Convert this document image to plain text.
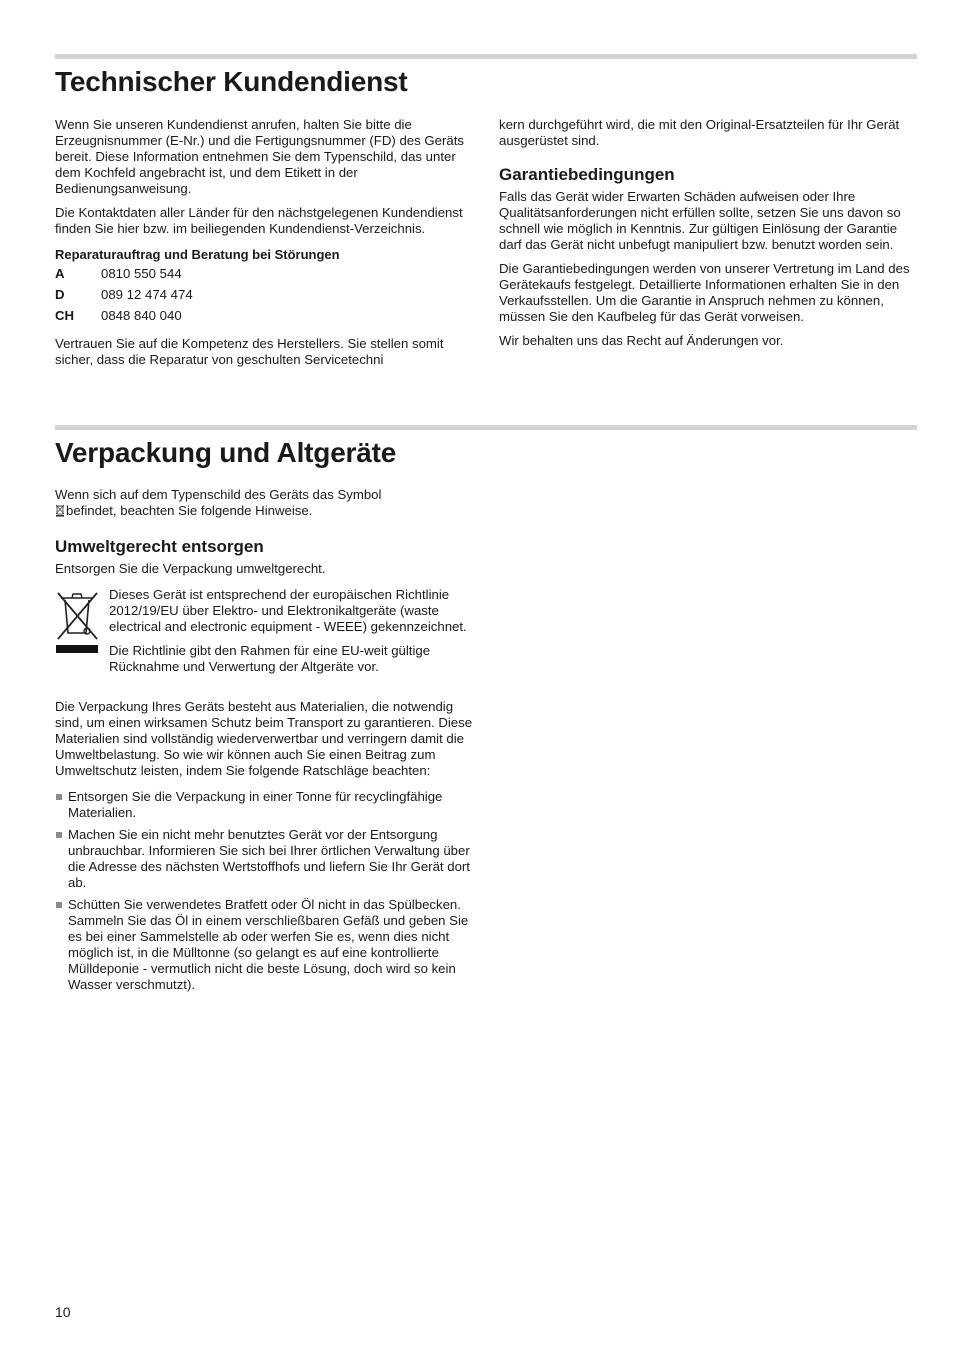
Technischer Kundendienst

Wenn Sie unseren Kundendienst anrufen, halten Sie bitte die Erzeugnisnummer (E-Nr.) und die Fertigungsnummer (FD) des Geräts bereit. Diese Information entnehmen Sie dem Typenschild, das unter dem Kochfeld angebracht ist, und dem Etikett in der Bedienungsanweisung.

Die Kontaktdaten aller Länder für den nächstgelegenen Kundendienst finden Sie hier bzw. im beiliegenden Kundendienst-Verzeichnis.

Reparaturauftrag und Beratung bei Störungen
A	0810 550 544
D	089 12 474 474
CH	0848 840 040

Vertrauen Sie auf die Kompetenz des Herstellers. Sie stellen somit sicher, dass die Reparatur von geschulten Servicetechni

kern durchgeführt wird, die mit den Original-Ersatzteilen für Ihr Gerät ausgerüstet sind.

Garantiebedingungen

Falls das Gerät wider Erwarten Schäden aufweisen oder Ihre Qualitätsanforderungen nicht erfüllen sollte, setzen Sie uns davon so schnell wie möglich in Kenntnis. Zur gültigen Einlösung der Garantie darf das Gerät nicht unbefugt manipuliert bzw. benutzt worden sein.

Die Garantiebedingungen werden von unserer Vertretung im Land des Gerätekaufs festgelegt. Detaillierte Informationen erhalten Sie in den Verkaufsstellen. Um die Garantie in Anspruch nehmen zu können, müssen Sie den Kaufbeleg für das Gerät vorweisen.

Wir behalten uns das Recht auf Änderungen vor.

Verpackung und Altgeräte

Wenn sich auf dem Typenschild des Geräts das Symbol
befindet, beachten Sie folgende Hinweise.

Umweltgerecht entsorgen

Entsorgen Sie die Verpackung umweltgerecht.

Dieses Gerät ist entsprechend der europäischen Richtlinie 2012/19/EU über Elektro- und Elektronikaltgeräte (waste electrical and electronic equipment - WEEE) gekennzeichnet.

Die Richtlinie gibt den Rahmen für eine EU-weit gültige Rücknahme und Verwertung der Altgeräte vor.

Die Verpackung Ihres Geräts besteht aus Materialien, die notwendig sind, um einen wirksamen Schutz beim Transport zu garantieren. Diese Materialien sind vollständig wiederverwertbar und verringern damit die Umweltbelastung. So wie wir können auch Sie einen Beitrag zum Umweltschutz leisten, indem Sie folgende Ratschläge beachten:

Entsorgen Sie die Verpackung in einer Tonne für recyclingfähige Materialien.
Machen Sie ein nicht mehr benutztes Gerät vor der Entsorgung unbrauchbar. Informieren Sie sich bei Ihrer örtlichen Verwaltung über die Adresse des nächsten Wertstoffhofs und liefern Sie Ihr Gerät dort ab.
Schütten Sie verwendetes Bratfett oder Öl nicht in das Spülbecken. Sammeln Sie das Öl in einem verschließbaren Gefäß und geben Sie es bei einer Sammelstelle ab oder werfen Sie es, wenn dies nicht möglich ist, in die Mülltonne (so gelangt es auf eine kontrollierte Mülldeponie - vermutlich nicht die beste Lösung, doch wird so kein Wasser verschmutzt).
10
